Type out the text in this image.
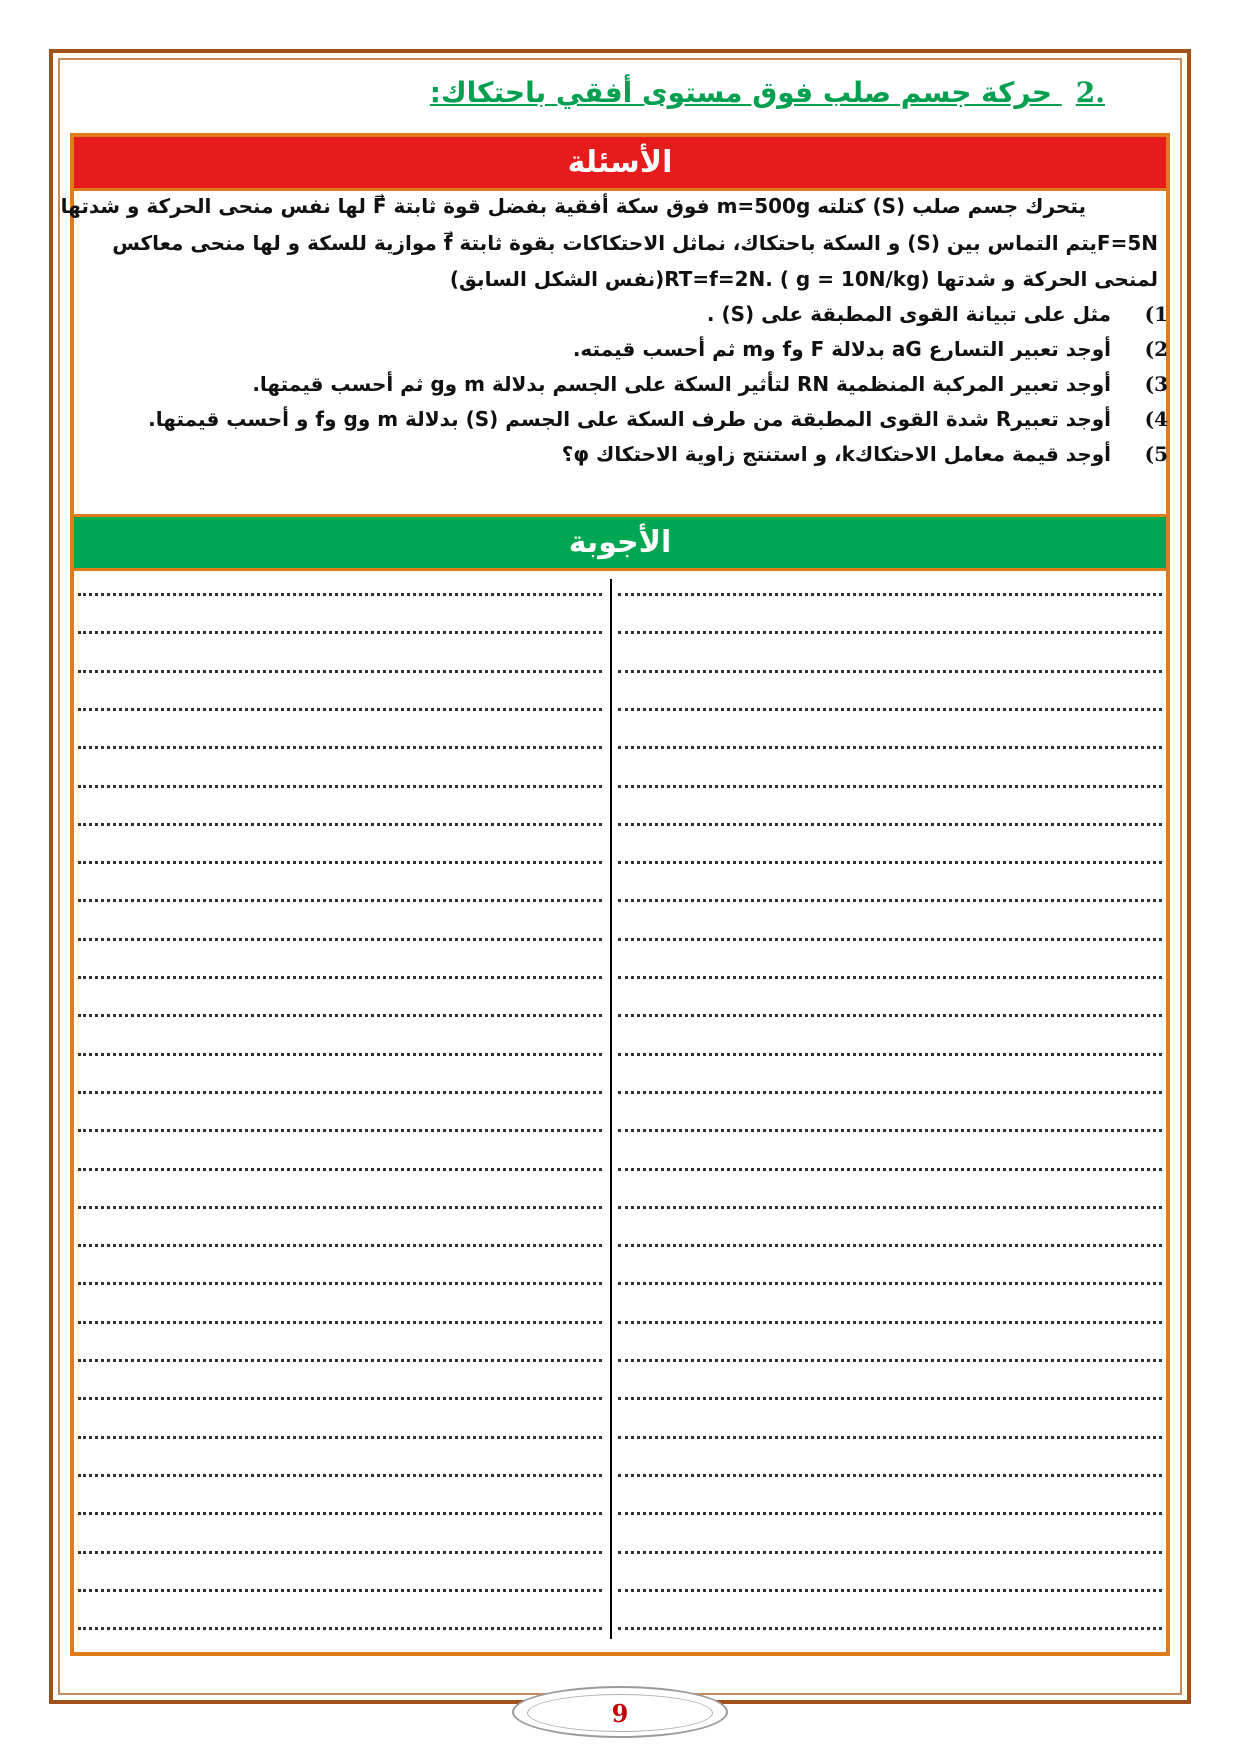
.2 حركة جسم صلب فوق مستوى أفقي باحتكاك:
الأسئلة
يتحرك جسم صلب (S) كتلته m=500g فوق سكة أفقية بفضل قوة ثابتة F⃗ لها نفس منحى الحركة و شدتها
F=5Nيتم التماس بين (S) و السكة باحتكاك، نماثل الاحتكاكات بقوة ثابتة f⃗ موازية للسكة و لها منحى معاكس
لمنحى الحركة و شدتها RT=f=2N. ( g = 10N/kg)(نفس الشكل السابق)
1) مثل على تبيانة القوى المطبقة على (S) .
2) أوجد تعبير التسارع aG بدلالة F وf وm ثم أحسب قيمته.
3) أوجد تعبير المركبة المنظمية RN لتأثير السكة على الجسم بدلالة m وg ثم أحسب قيمتها.
4) أوجد تعبيرR شدة القوى المطبقة من طرف السكة على الجسم (S) بدلالة m وg وf و أحسب قيمتها.
5) أوجد قيمة معامل الاحتكاكk، و استنتج زاوية الاحتكاك φ؟
الأجوبة
9
